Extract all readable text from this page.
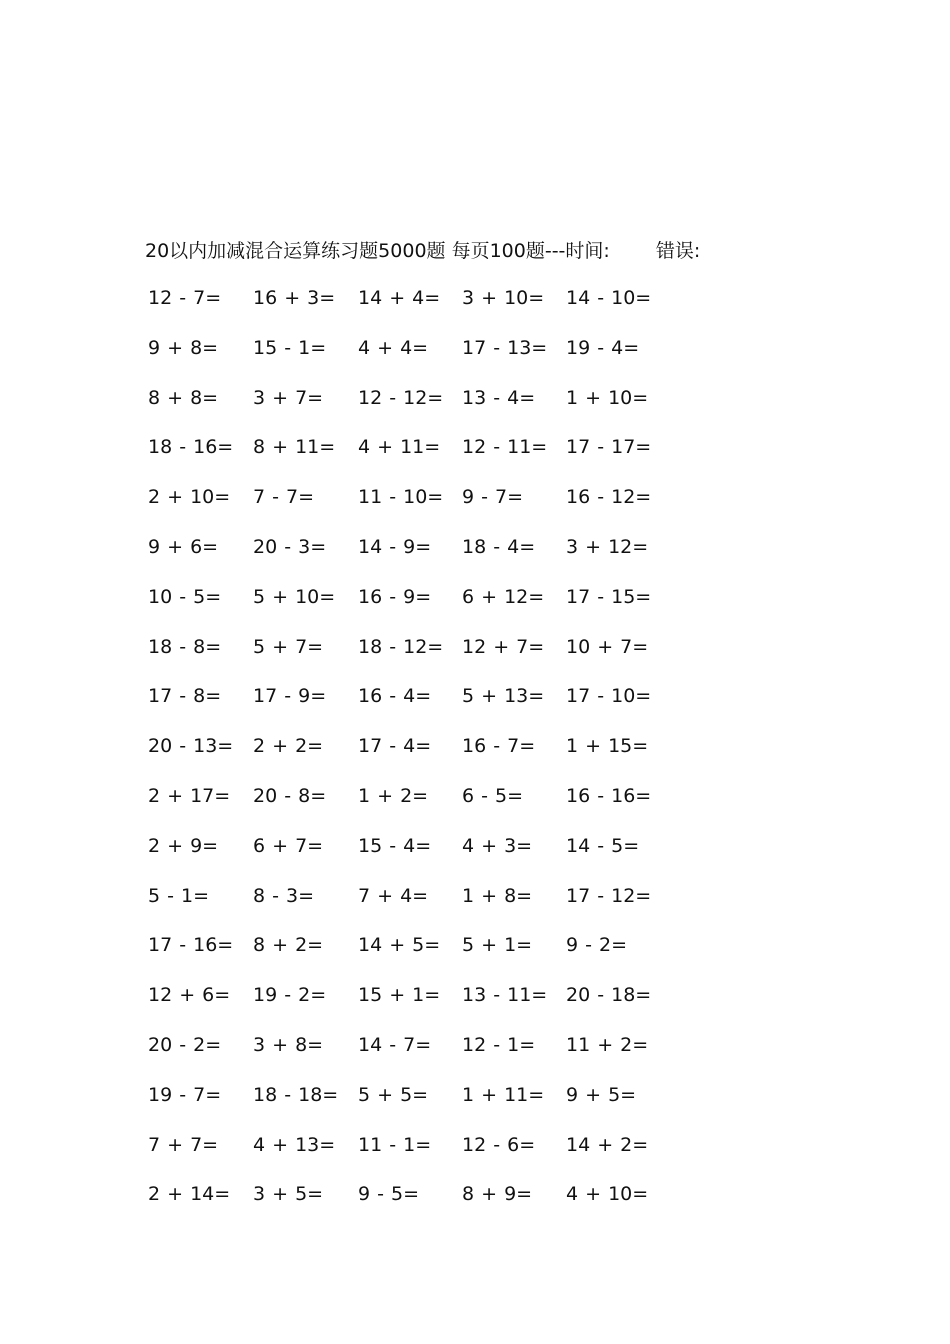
20以内加减混合运算练习题5000题 每页100题---时间: 错误:
12 - 7= 16 + 3= 14 + 4= 3 + 10= 14 - 10=
9 + 8= 15 - 1= 4 + 4= 17 - 13= 19 - 4=
8 + 8= 3 + 7= 12 - 12= 13 - 4= 1 + 10=
18 - 16= 8 + 11= 4 + 11= 12 - 11= 17 - 17=
2 + 10= 7 - 7= 11 - 10= 9 - 7= 16 - 12=
9 + 6= 20 - 3= 14 - 9= 18 - 4= 3 + 12=
10 - 5= 5 + 10= 16 - 9= 6 + 12= 17 - 15=
18 - 8= 5 + 7= 18 - 12= 12 + 7= 10 + 7=
17 - 8= 17 - 9= 16 - 4= 5 + 13= 17 - 10=
20 - 13= 2 + 2= 17 - 4= 16 - 7= 1 + 15=
2 + 17= 20 - 8= 1 + 2= 6 - 5= 16 - 16=
2 + 9= 6 + 7= 15 - 4= 4 + 3= 14 - 5=
5 - 1= 8 - 3= 7 + 4= 1 + 8= 17 - 12=
17 - 16= 8 + 2= 14 + 5= 5 + 1= 9 - 2=
12 + 6= 19 - 2= 15 + 1= 13 - 11= 20 - 18=
20 - 2= 3 + 8= 14 - 7= 12 - 1= 11 + 2=
19 - 7= 18 - 18= 5 + 5= 1 + 11= 9 + 5=
7 + 7= 4 + 13= 11 - 1= 12 - 6= 14 + 2=
2 + 14= 3 + 5= 9 - 5= 8 + 9= 4 + 10=
